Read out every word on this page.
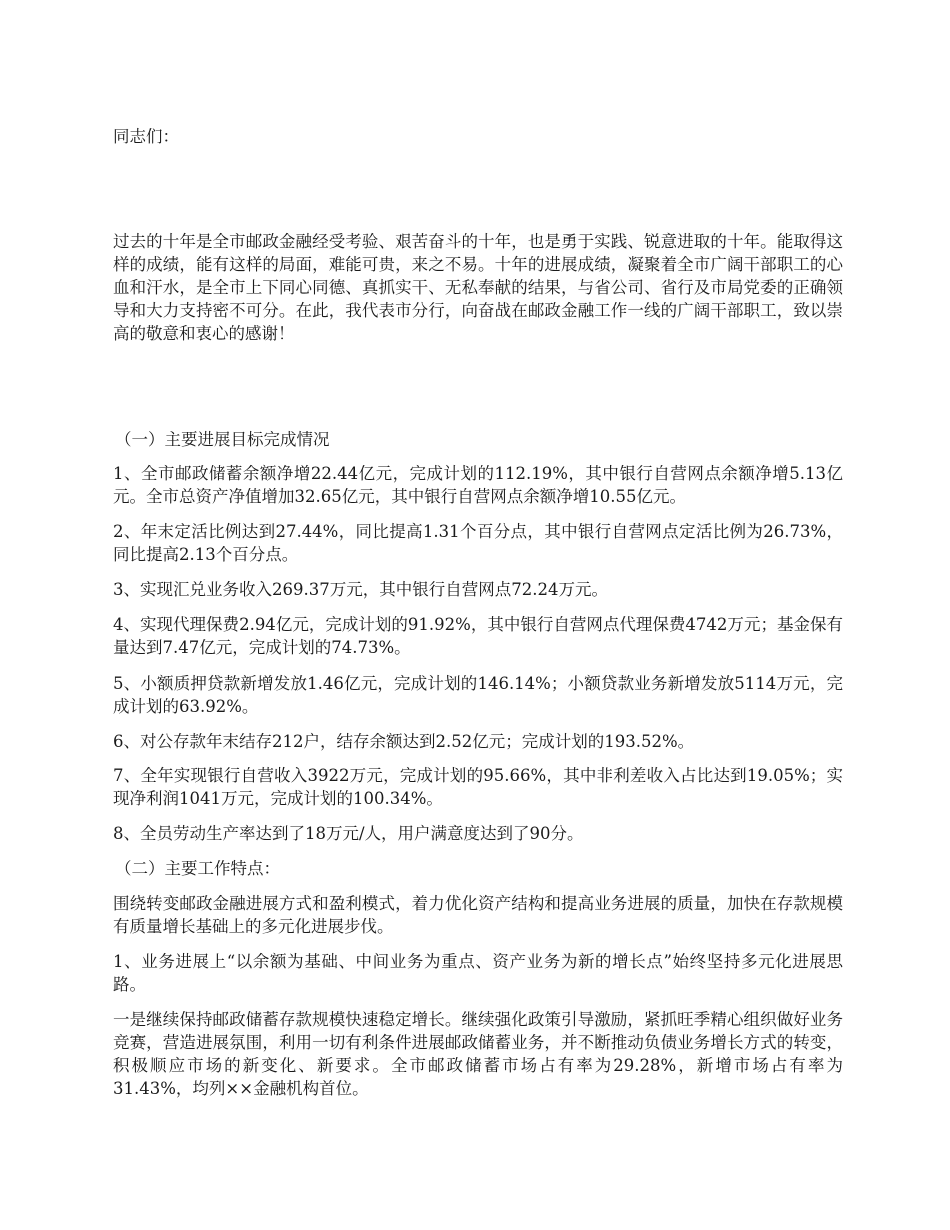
同志们：

过去的十年是全市邮政金融经受考验、艰苦奋斗的十年，也是勇于实践、锐意进取的十年。能取得这样的成绩，能有这样的局面，难能可贵，来之不易。十年的进展成绩，凝聚着全市广阔干部职工的心血和汗水，是全市上下同心同德、真抓实干、无私奉献的结果，与省公司、省行及市局党委的正确领导和大力支持密不可分。在此，我代表市分行，向奋战在邮政金融工作一线的广阔干部职工，致以崇高的敬意和衷心的感谢！

（一）主要进展目标完成情况

1、全市邮政储蓄余额净增22.44亿元，完成计划的112.19%，其中银行自营网点余额净增5.13亿元。全市总资产净值增加32.65亿元，其中银行自营网点余额净增10.55亿元。

2、年末定活比例达到27.44%，同比提高1.31个百分点，其中银行自营网点定活比例为26.73%，同比提高2.13个百分点。

3、实现汇兑业务收入269.37万元，其中银行自营网点72.24万元。

4、实现代理保费2.94亿元，完成计划的91.92%，其中银行自营网点代理保费4742万元；基金保有量达到7.47亿元，完成计划的74.73%。

5、小额质押贷款新增发放1.46亿元，完成计划的146.14%；小额贷款业务新增发放5114万元，完成计划的63.92%。

6、对公存款年末结存212户，结存余额达到2.52亿元；完成计划的193.52%。

7、全年实现银行自营收入3922万元，完成计划的95.66%，其中非利差收入占比达到19.05%；实现净利润1041万元，完成计划的100.34%。

8、全员劳动生产率达到了18万元/人，用户满意度达到了90分。

（二）主要工作特点：

围绕转变邮政金融进展方式和盈利模式，着力优化资产结构和提高业务进展的质量，加快在存款规模有质量增长基础上的多元化进展步伐。

1、业务进展上“以余额为基础、中间业务为重点、资产业务为新的增长点”始终坚持多元化进展思路。

一是继续保持邮政储蓄存款规模快速稳定增长。继续强化政策引导激励，紧抓旺季精心组织做好业务竞赛，营造进展氛围，利用一切有利条件进展邮政储蓄业务，并不断推动负债业务增长方式的转变，积极顺应市场的新变化、新要求。全市邮政储蓄市场占有率为29.28%，新增市场占有率为31.43%，均列××金融机构首位。
